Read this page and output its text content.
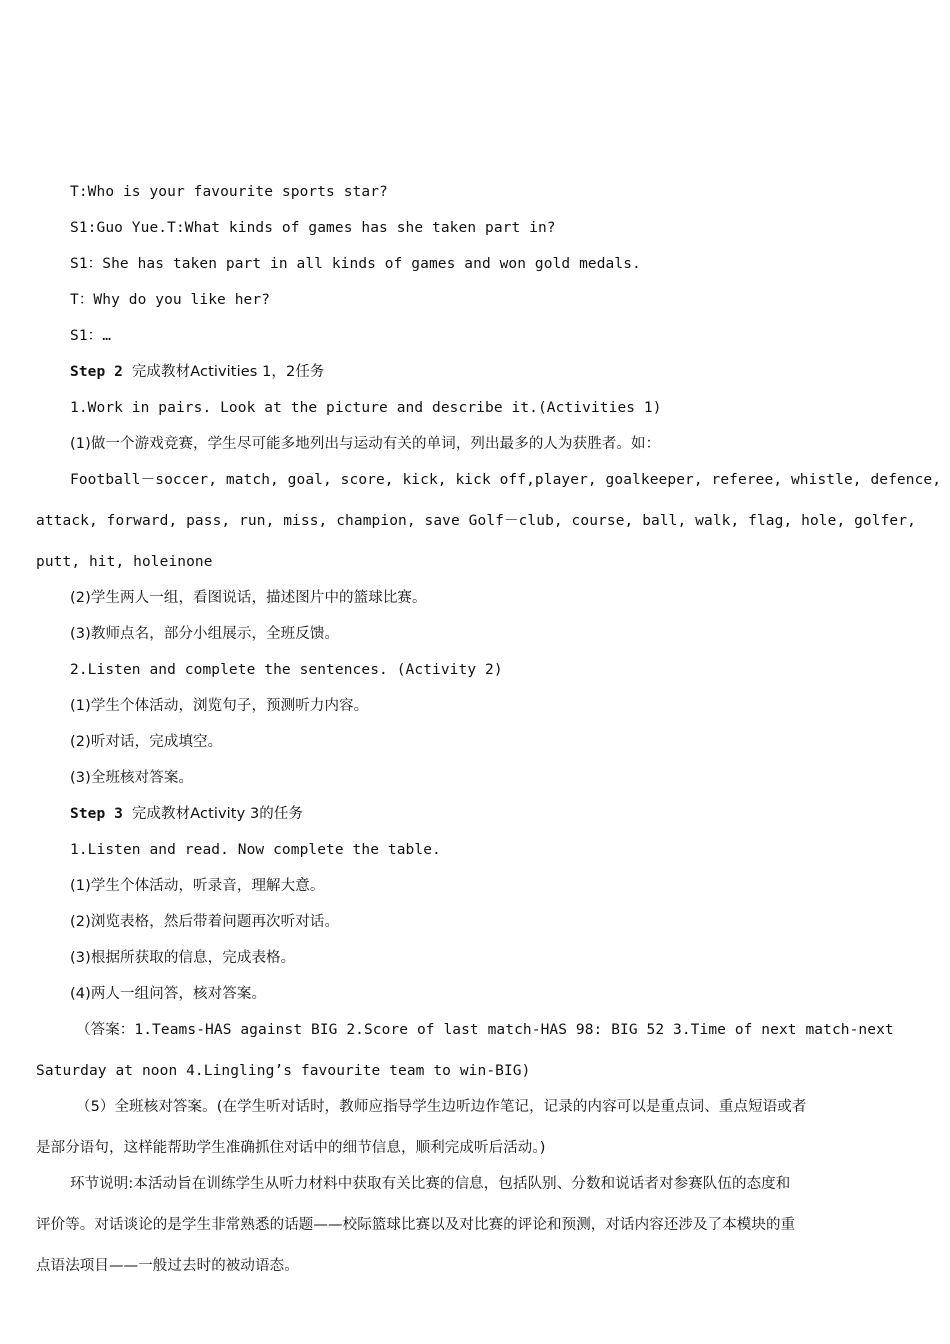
T:Who is your favourite sports star?
S1:Guo Yue.T:What kinds of games has she taken part in?
S1：She has taken part in all kinds of games and won gold medals.
T：Why do you like her?
S1：…
Step 2 完成教材Activities 1，2任务
1.Work in pairs. Look at the picture and describe it.(Activities 1)
(1)做一个游戏竞赛，学生尽可能多地列出与运动有关的单词，列出最多的人为获胜者。如：
Football－soccer, match, goal, score, kick, kick off,player, goalkeeper, referee, whistle, defence,
attack, forward, pass, run, miss, champion, save Golf－club, course, ball, walk, flag, hole, golfer,
putt, hit, holeinone
(2)学生两人一组，看图说话，描述图片中的篮球比赛。
(3)教师点名，部分小组展示，全班反馈。
2.Listen and complete the sentences. (Activity 2)
(1)学生个体活动，浏览句子，预测听力内容。
(2)听对话，完成填空。
(3)全班核对答案。
Step 3 完成教材Activity 3的任务
1.Listen and read. Now complete the table.
(1)学生个体活动，听录音，理解大意。
(2)浏览表格，然后带着问题再次听对话。
(3)根据所获取的信息，完成表格。
(4)两人一组问答，核对答案。
（答案：1.Teams-HAS against BIG 2.Score of last match-HAS 98: BIG 52 3.Time of next match-next
Saturday at noon 4.Lingling’s favourite team to win-BIG)
（5）全班核对答案。(在学生听对话时，教师应指导学生边听边作笔记，记录的内容可以是重点词、重点短语或者
是部分语句，这样能帮助学生准确抓住对话中的细节信息，顺利完成听后活动。)
环节说明:本活动旨在训练学生从听力材料中获取有关比赛的信息，包括队别、分数和说话者对参赛队伍的态度和
评价等。对话谈论的是学生非常熟悉的话题——校际篮球比赛以及对比赛的评论和预测，对话内容还涉及了本模块的重
点语法项目——一般过去时的被动语态。
